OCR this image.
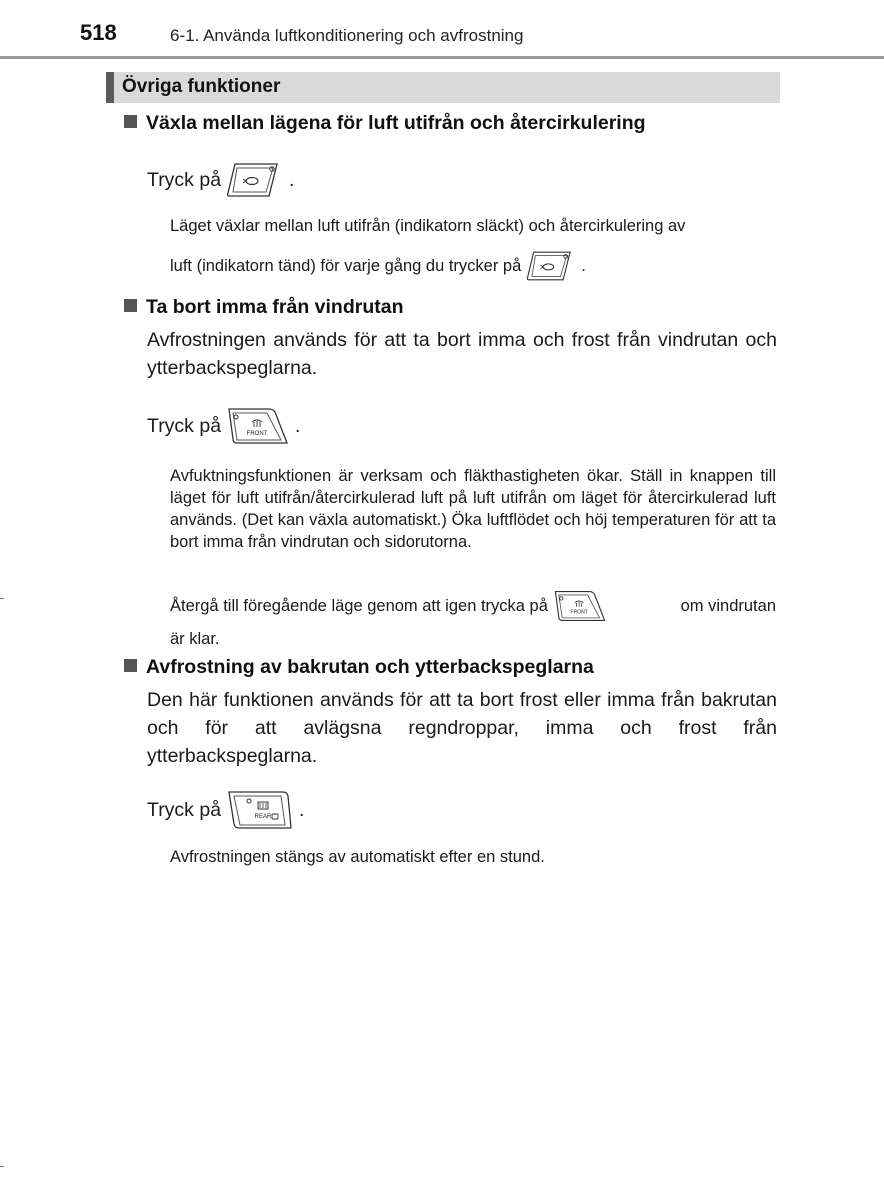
518	6-1. Använda luftkonditionering och avfrostning
Övriga funktioner
Växla mellan lägena för luft utifrån och återcirkulering
Tryck på	.
Läget växlar mellan luft utifrån (indikatorn släckt) och återcirkulering av
luft (indikatorn tänd) för varje gång du trycker på	.
Ta bort imma från vindrutan
Avfrostningen används för att ta bort imma och frost från vindrutan och ytterbackspeglarna.
Tryck på	FRONT .
Avfuktningsfunktionen är verksam och fläkthastigheten ökar. Ställ in knappen till läget för luft utifrån/återcirkulerad luft på luft utifrån om läget för återcirkulerad luft används. (Det kan växla automatiskt.) Öka luftflödet och höj temperaturen för att ta bort imma från vindrutan och sidorutorna.
Återgå till föregående läge genom att igen trycka på	FRONT	om vindrutan
är klar.
Avfrostning av bakrutan och ytterbackspeglarna
Den här funktionen används för att ta bort frost eller imma från bakrutan och för att avlägsna regndroppar, imma och frost från ytterbackspeglarna.
Tryck på	REAR .
Avfrostningen stängs av automatiskt efter en stund.
